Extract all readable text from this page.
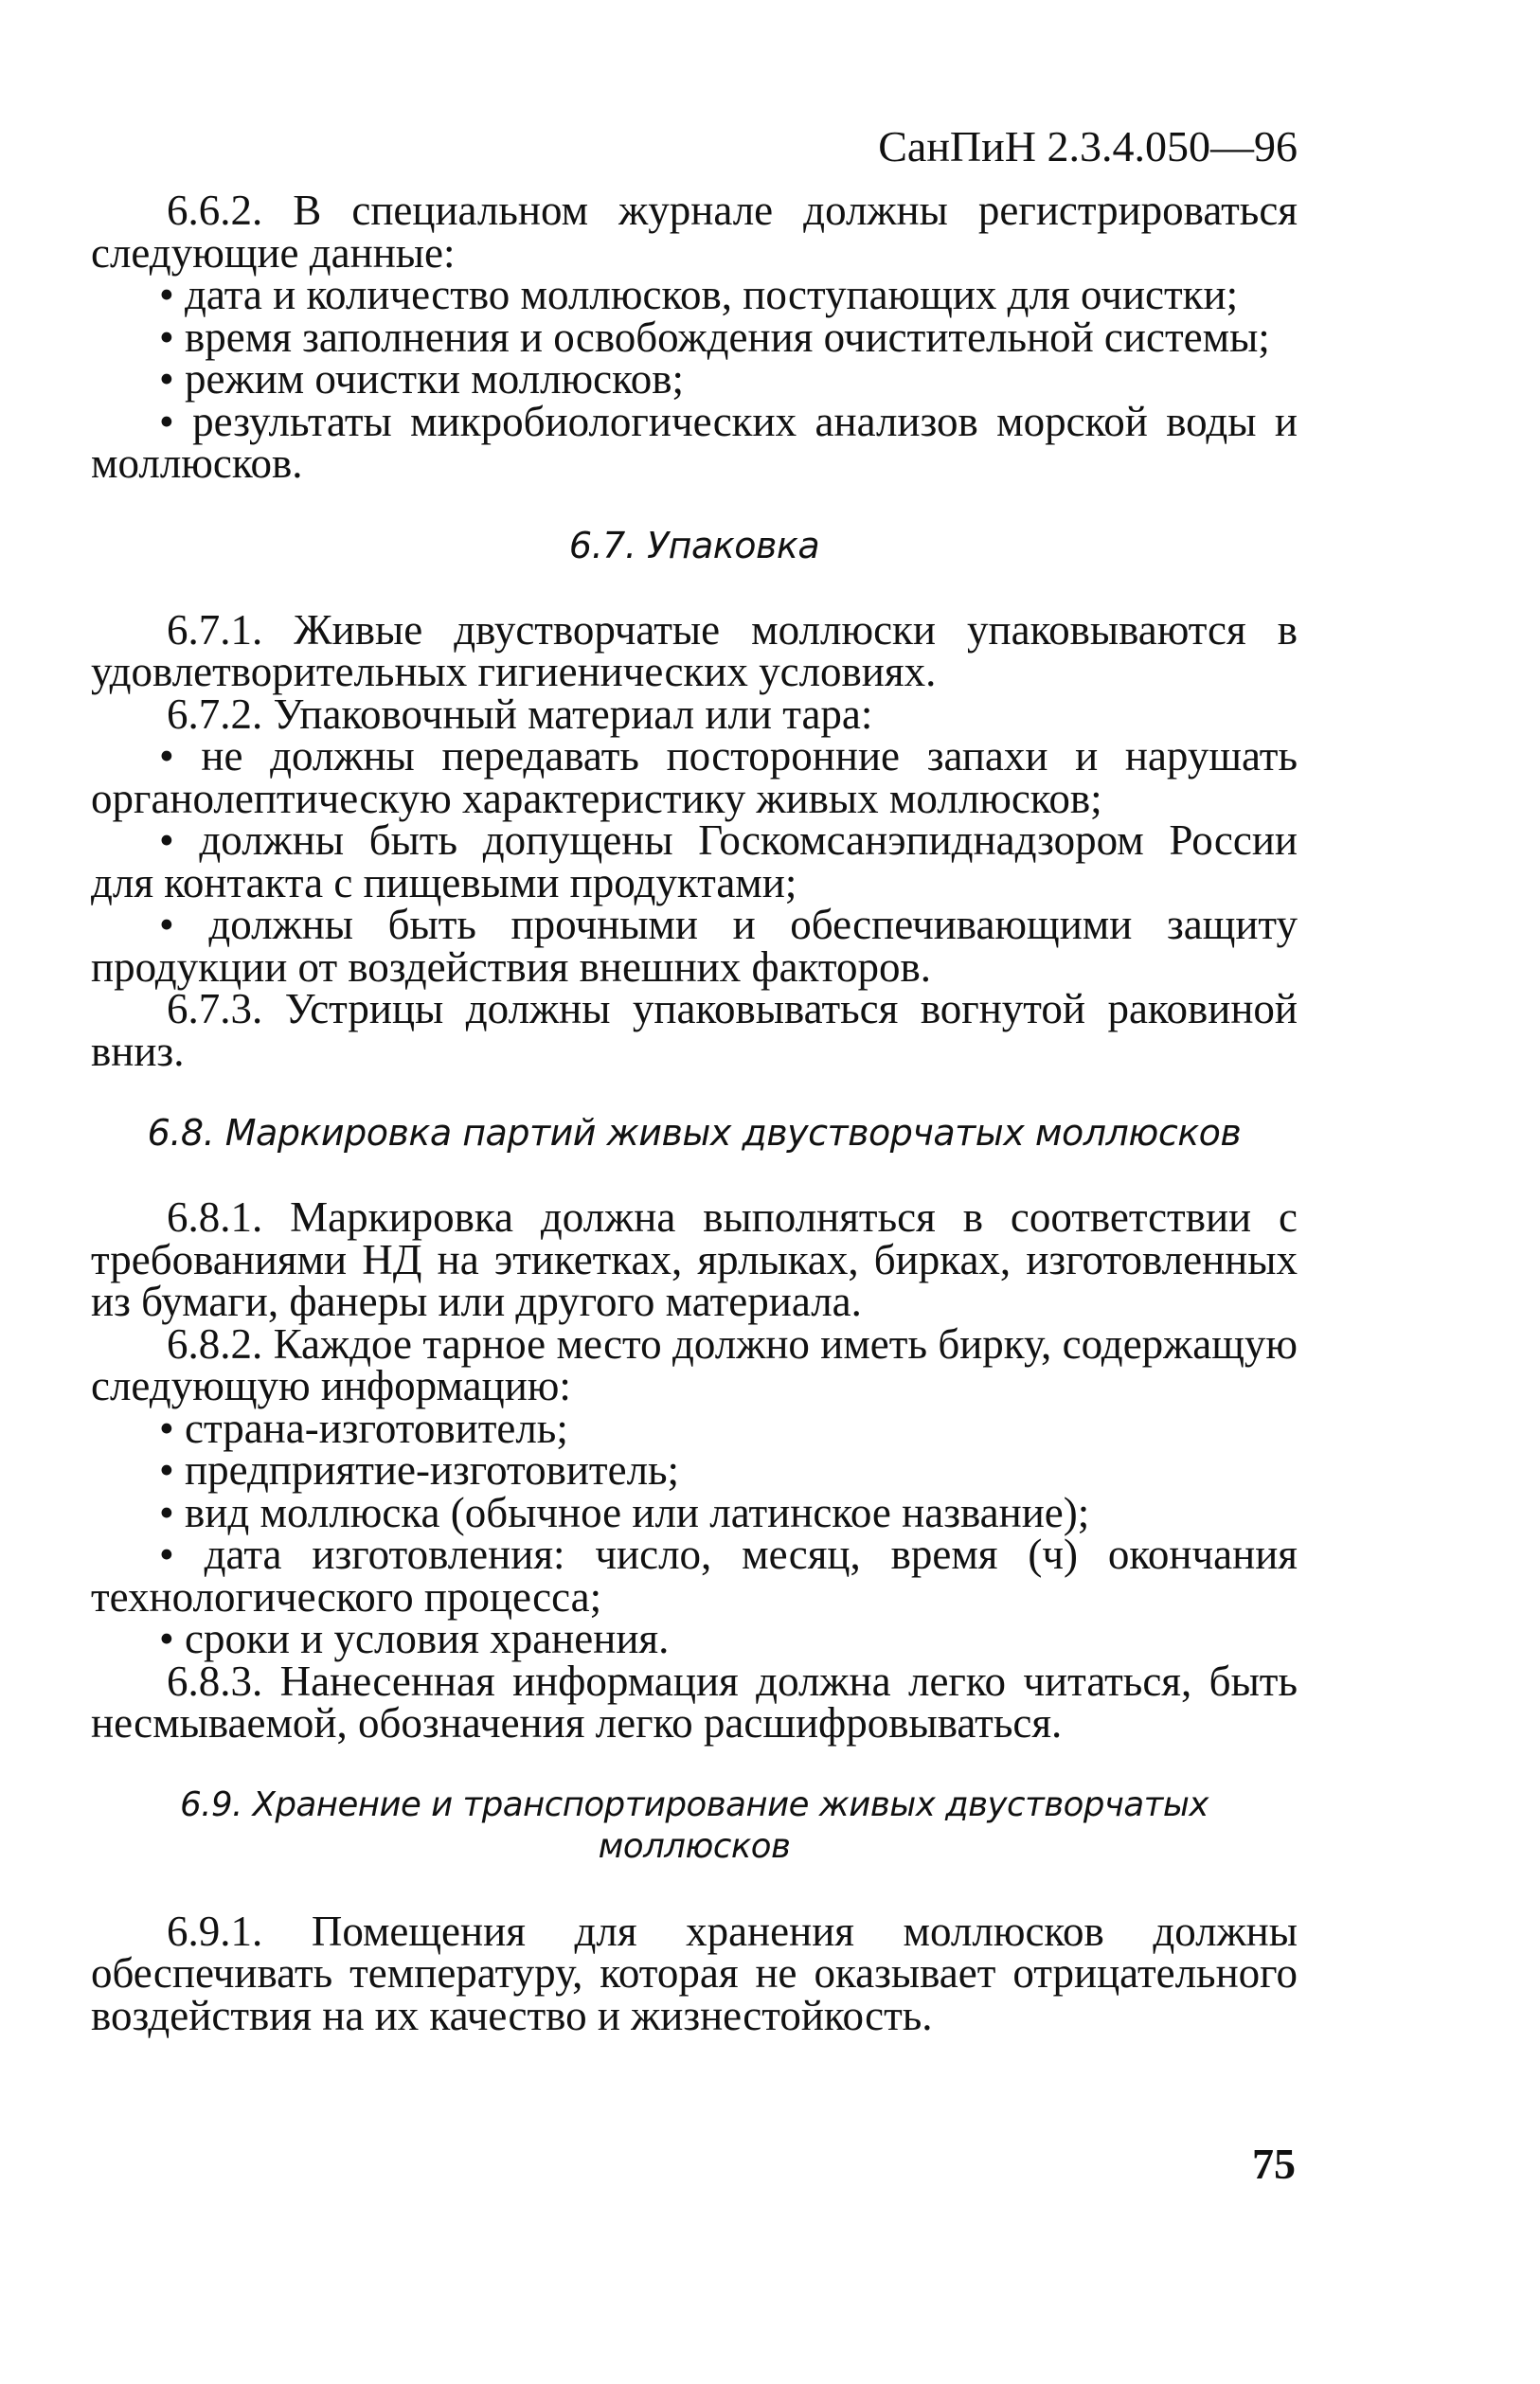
СанПиН 2.3.4.050—96

6.6.2. В специальном журнале должны регистрироваться следующие данные:

• дата и количество моллюсков, поступающих для очистки;

• время заполнения и освобождения очистительной системы;

• режим очистки моллюсков;

• результаты микробиологических анализов морской воды и моллюсков.

6.7. Упаковка

6.7.1. Живые двустворчатые моллюски упаковываются в удовлетворительных гигиенических условиях.

6.7.2. Упаковочный материал или тара:

• не должны передавать посторонние запахи и нарушать органолептическую характеристику живых моллюсков;

• должны быть допущены Госкомсанэпиднадзором России для контакта с пищевыми продуктами;

• должны быть прочными и обеспечивающими защиту продукции от воздействия внешних факторов.

6.7.3. Устрицы должны упаковываться вогнутой раковиной вниз.

6.8. Маркировка партий живых двустворчатых моллюсков

6.8.1. Маркировка должна выполняться в соответствии с требованиями НД на этикетках, ярлыках, бирках, изготовленных из бумаги, фанеры или другого материала.

6.8.2. Каждое тарное место должно иметь бирку, содержащую следующую информацию:

• страна-изготовитель;

• предприятие-изготовитель;

• вид моллюска (обычное или латинское название);

• дата изготовления: число, месяц, время (ч) окончания технологического процесса;

• сроки и условия хранения.

6.8.3. Нанесенная информация должна легко читаться, быть несмываемой, обозначения легко расшифровываться.

6.9. Хранение и транспортирование живых двустворчатых моллюсков

6.9.1. Помещения для хранения моллюсков должны обеспечивать температуру, которая не оказывает отрицательного воздействия на их качество и жизнестойкость.

75
